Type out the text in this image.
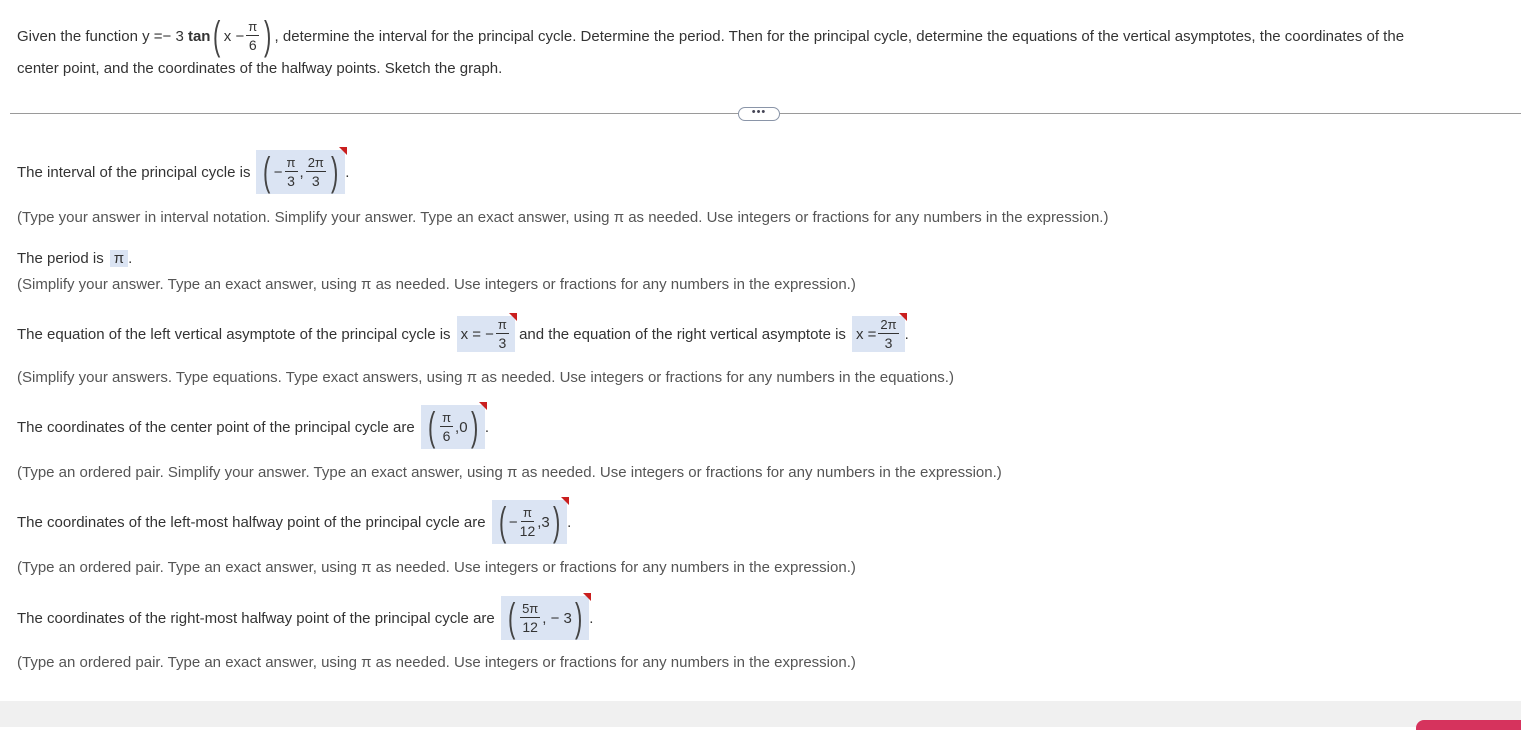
Given the function y = − 3
tan ( $x - \frac{\pi}{6}$ ) , determine the interval for the principal cycle. Determine the period. Then for the principal cycle, determine the equations of the vertical asymptotes, the coordinates of the
center point, and the coordinates of the halfway points. Sketch the graph.
•••
The interval of the principal cycle is ( − $\frac{\pi}{3}$ , $\frac{2\pi}{3}$ ) .
(Type your answer in interval notation. Simplify your answer. Type an exact answer, using π as needed. Use integers or fractions for any numbers in the expression.)
The period is π .
(Simplify your answer. Type an exact answer, using π as needed. Use integers or fractions for any numbers in the expression.)
The equation of the left vertical asymptote of the principal cycle is x = − $\frac{\pi}{3}$
and the equation of the right vertical asymptote is $x = \frac{2\pi}{3}$ .
(Simplify your answers. Type equations. Type exact answers, using π as needed. Use integers or fractions for any numbers in the equations.)
The coordinates of the center point of the principal cycle are ( $\frac{\pi}{6}$ , 0 ) .
(Type an ordered pair. Simplify your answer. Type an exact answer, using π as needed. Use integers or fractions for any numbers in the expression.)
The coordinates of the left-most halfway point of the principal cycle are ( − $\frac{\pi}{12}$ , 3 ) .
(Type an ordered pair. Type an exact answer, using π as needed. Use integers or fractions for any numbers in the expression.)
The coordinates of the right-most halfway point of the principal cycle are ( $\frac{5\pi}{12}$ , − 3 ) .
(Type an ordered pair. Type an exact answer, using π as needed. Use integers or fractions for any numbers in the expression.)
